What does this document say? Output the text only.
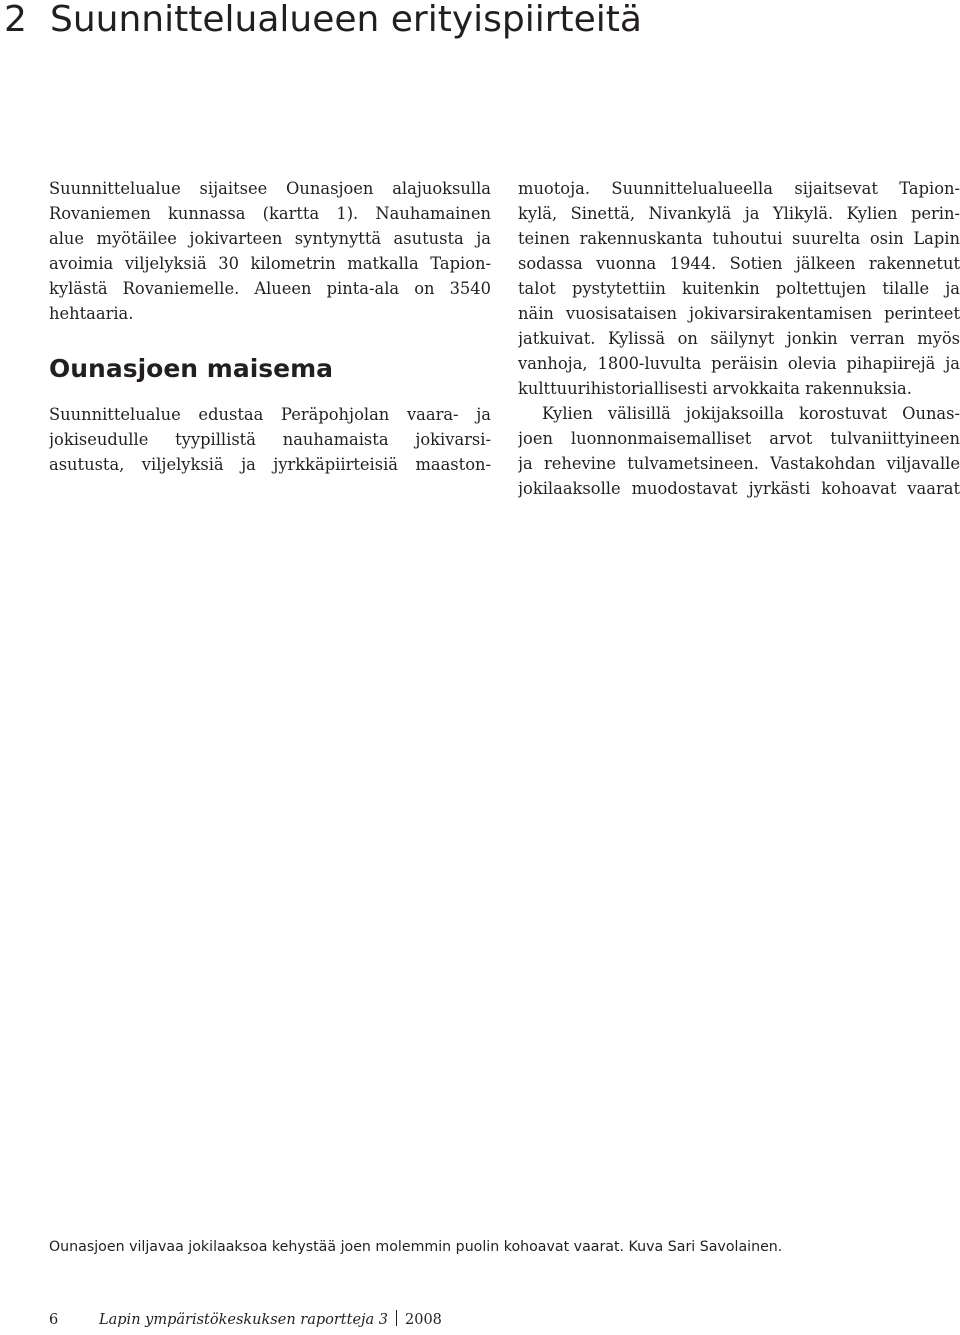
2 Suunnittelualueen erityispiirteitä

Suunnittelualue sijaitsee Ounasjoen alajuoksulla
Rovaniemen kunnassa (kartta 1). Nauhamainen
alue myötäilee jokivarteen syntynyttä asutusta ja
avoimia viljelyksiä 30 kilometrin matkalla Tapion-
kylästä Rovaniemelle. Alueen pinta-ala on 3540
hehtaaria.

Ounasjoen maisema

Suunnittelualue edustaa Peräpohjolan vaara- ja
jokiseudulle tyypillistä nauhamaista jokivarsi-
asutusta, viljelyksiä ja jyrkkäpiirteisiä maaston-

muotoja. Suunnittelualueella sijaitsevat Tapion-
kylä, Sinettä, Nivankylä ja Ylikylä. Kylien perin-
teinen rakennuskanta tuhoutui suurelta osin Lapin
sodassa vuonna 1944. Sotien jälkeen rakennetut
talot pystytettiin kuitenkin poltettujen tilalle ja
näin vuosisataisen jokivarsirakentamisen perinteet
jatkuivat. Kylissä on säilynyt jonkin verran myös
vanhoja, 1800-luvulta peräisin olevia pihapiirejä ja
kulttuurihistoriallisesti arvokkaita rakennuksia.

Kylien välisillä jokijaksoilla korostuvat Ounas-
joen luonnonmaisemalliset arvot tulvaniittyineen
ja rehevine tulvametsineen. Vastakohdan viljavalle
jokilaaksolle muodostavat jyrkästi kohoavat vaarat

Ounasjoen viljavaa jokilaaksoa kehystää joen molemmin puolin kohoavat vaarat. Kuva Sari Savolainen.

6	Lapin ympäristökeskuksen raportteja 3 2008
